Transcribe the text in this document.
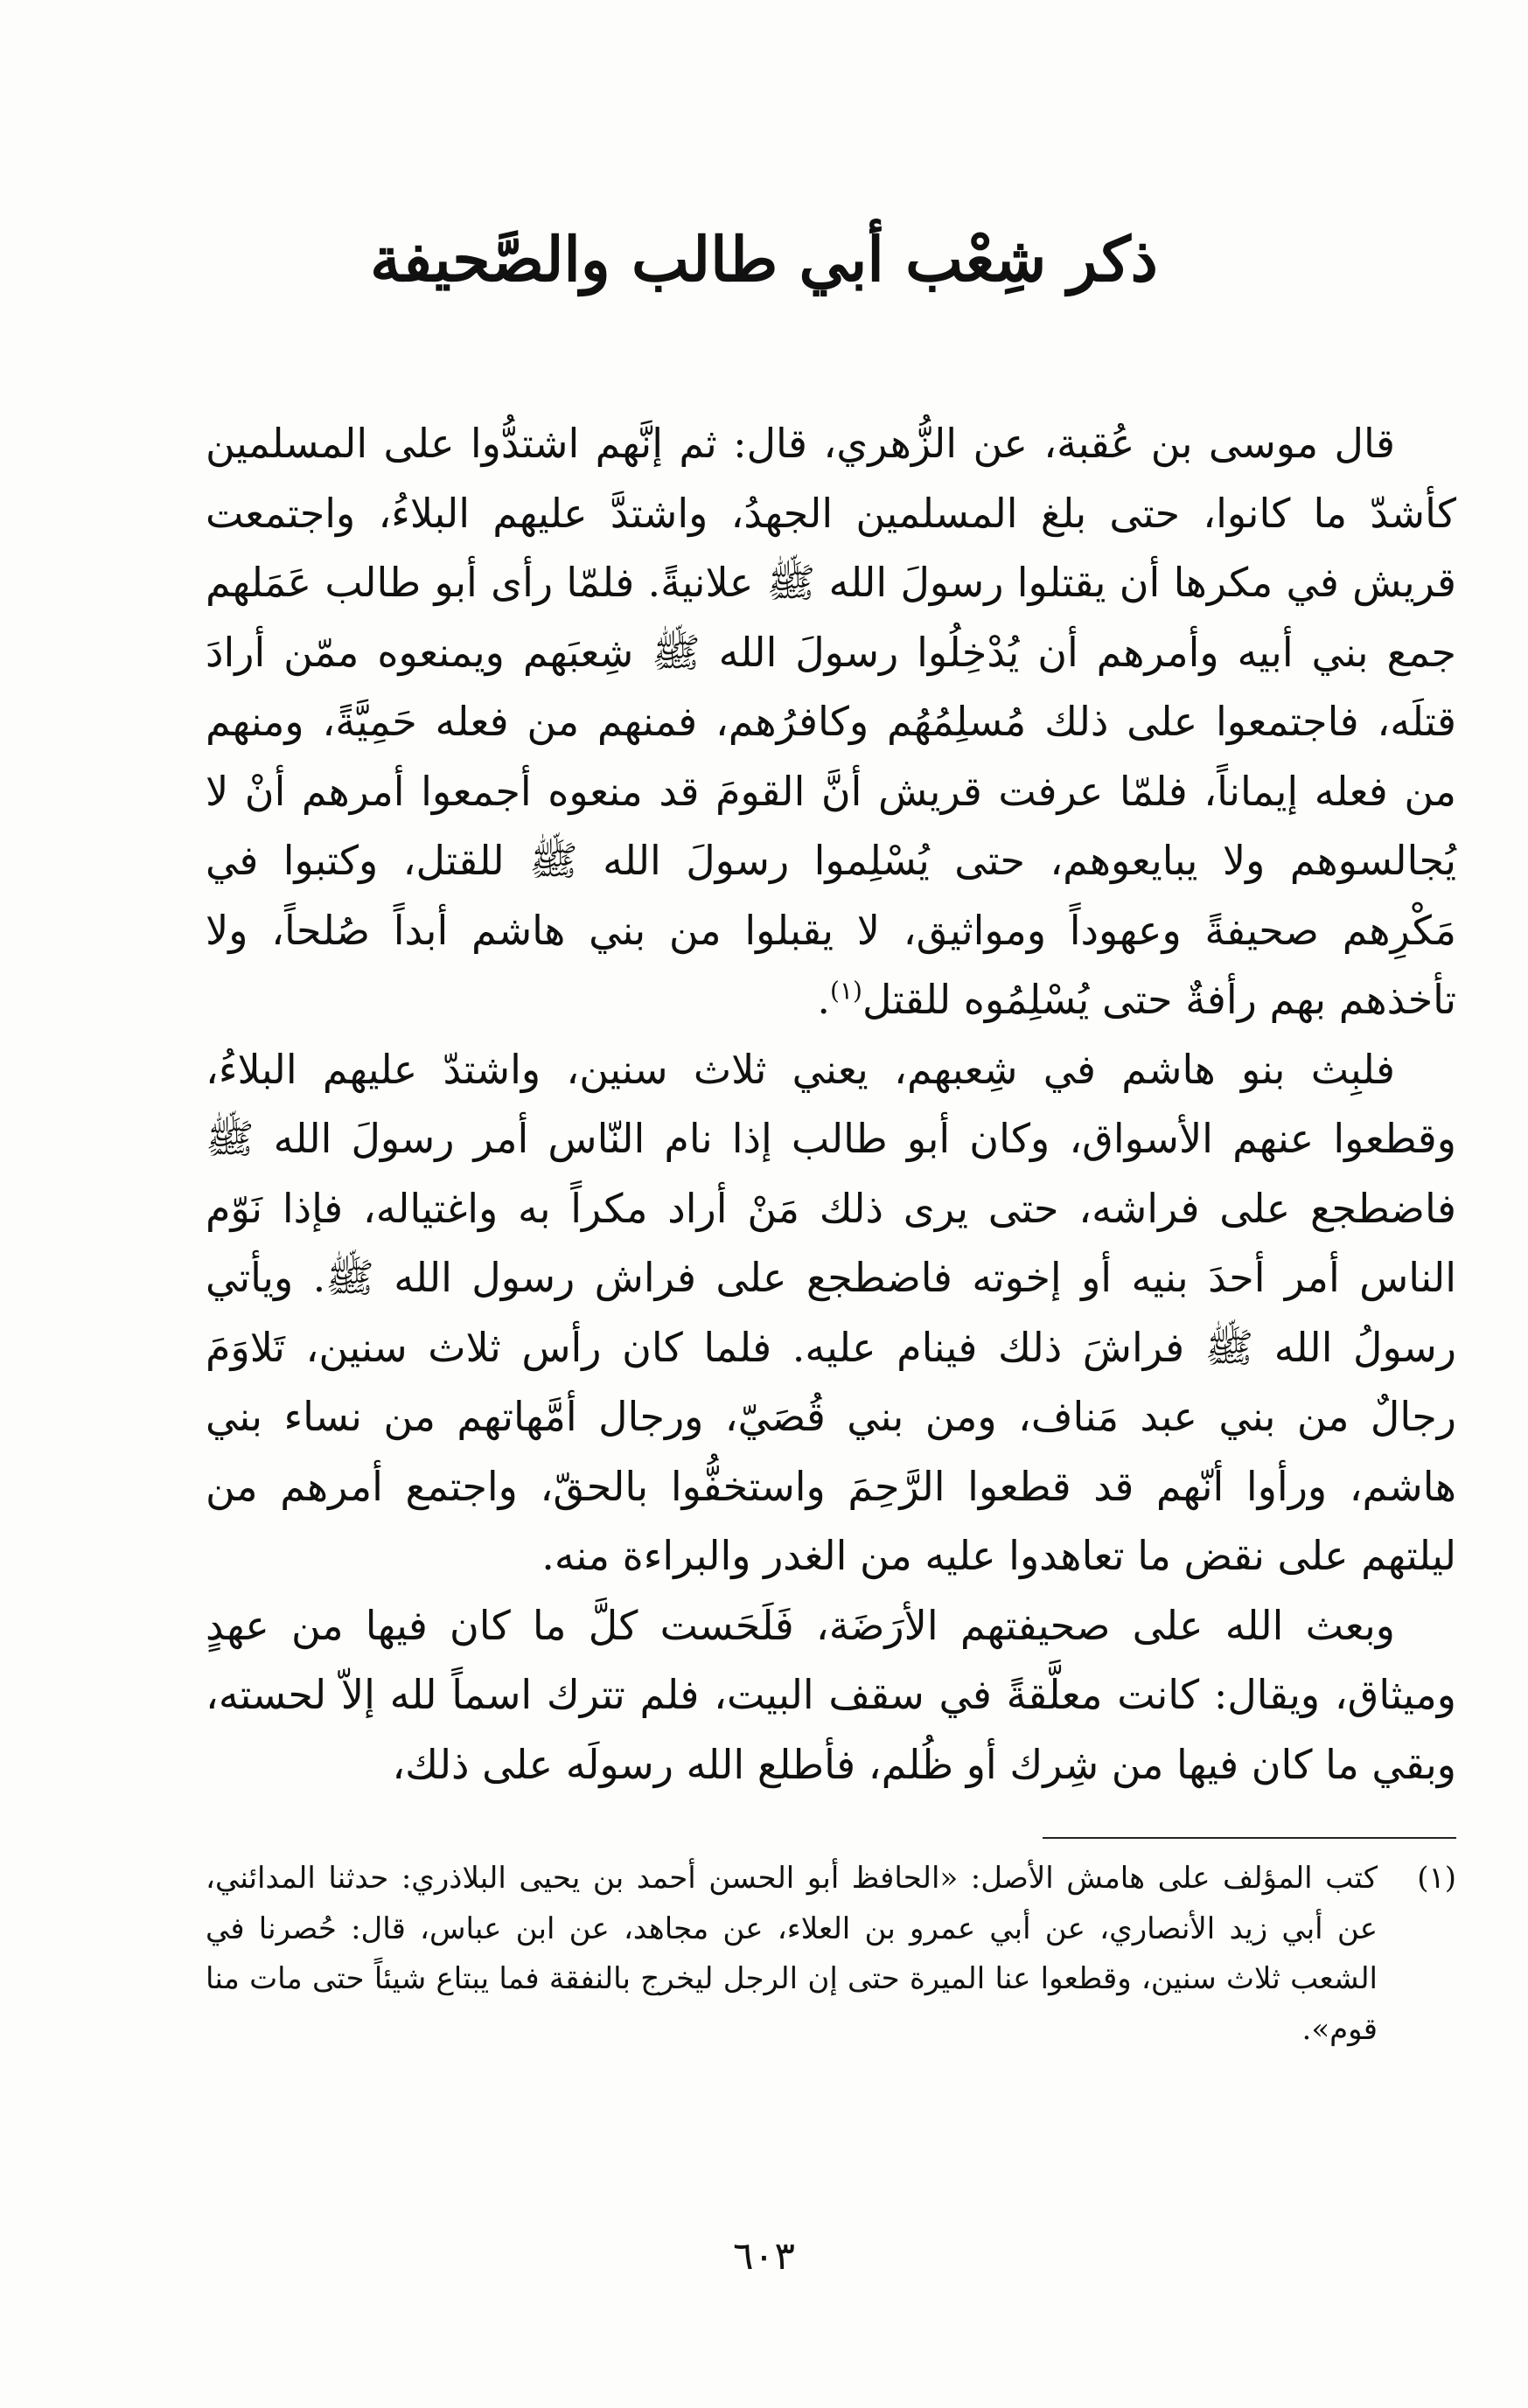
ذكر شِعْب أبي طالب والصَّحيفة

قال موسى بن عُقبة، عن الزُّهري، قال: ثم إنَّهم اشتدُّوا على المسلمين كأشدّ ما كانوا، حتى بلغ المسلمين الجهدُ، واشتدَّ عليهم البلاءُ، واجتمعت قريش في مكرها أن يقتلوا رسولَ الله ﷺ علانيةً. فلمّا رأى أبو طالب عَمَلهم جمع بني أبيه وأمرهم أن يُدْخِلُوا رسولَ الله ﷺ شِعبَهم ويمنعوه ممّن أرادَ قتلَه، فاجتمعوا على ذلك مُسلِمُهُم وكافرُهم، فمنهم من فعله حَمِيَّةً، ومنهم من فعله إيماناً، فلمّا عرفت قريش أنَّ القومَ قد منعوه أجمعوا أمرهم أنْ لا يُجالسوهم ولا يبايعوهم، حتى يُسْلِموا رسولَ الله ﷺ للقتل، وكتبوا في مَكْرِهم صحيفةً وعهوداً ومواثيق، لا يقبلوا من بني هاشم أبداً صُلحاً، ولا تأخذهم بهم رأفةٌ حتى يُسْلِمُوه للقتل$^{(١)}$.

فلبِث بنو هاشم في شِعبهم، يعني ثلاث سنين، واشتدّ عليهم البلاءُ، وقطعوا عنهم الأسواق، وكان أبو طالب إذا نام النّاس أمر رسولَ الله ﷺ فاضطجع على فراشه، حتى يرى ذلك مَنْ أراد مكراً به واغتياله، فإذا نَوّم الناس أمر أحدَ بنيه أو إخوته فاضطجع على فراش رسول الله ﷺ. ويأتي رسولُ الله ﷺ فراشَ ذلك فينام عليه. فلما كان رأس ثلاث سنين، تَلاوَمَ رجالٌ من بني عبد مَناف، ومن بني قُصَيّ، ورجال أمَّهاتهم من نساء بني هاشم، ورأوا أنّهم قد قطعوا الرَّحِمَ واستخفُّوا بالحقّ، واجتمع أمرهم من ليلتهم على نقض ما تعاهدوا عليه من الغدر والبراءة منه.

وبعث الله على صحيفتهم الأرَضَة، فَلَحَست كلَّ ما كان فيها من عهدٍ وميثاق، ويقال: كانت معلَّقةً في سقف البيت، فلم تترك اسماً لله إلاّ لحسته، وبقي ما كان فيها من شِرك أو ظُلم، فأطلع الله رسولَه على ذلك،

(١)
كتب المؤلف على هامش الأصل: «الحافظ أبو الحسن أحمد بن يحيى البلاذري: حدثنا المدائني، عن أبي زيد الأنصاري، عن أبي عمرو بن العلاء، عن مجاهد، عن ابن عباس، قال: حُصرنا في الشعب ثلاث سنين، وقطعوا عنا الميرة حتى إن الرجل ليخرج بالنفقة فما يبتاع شيئاً حتى مات منا قوم».
٦٠٣
